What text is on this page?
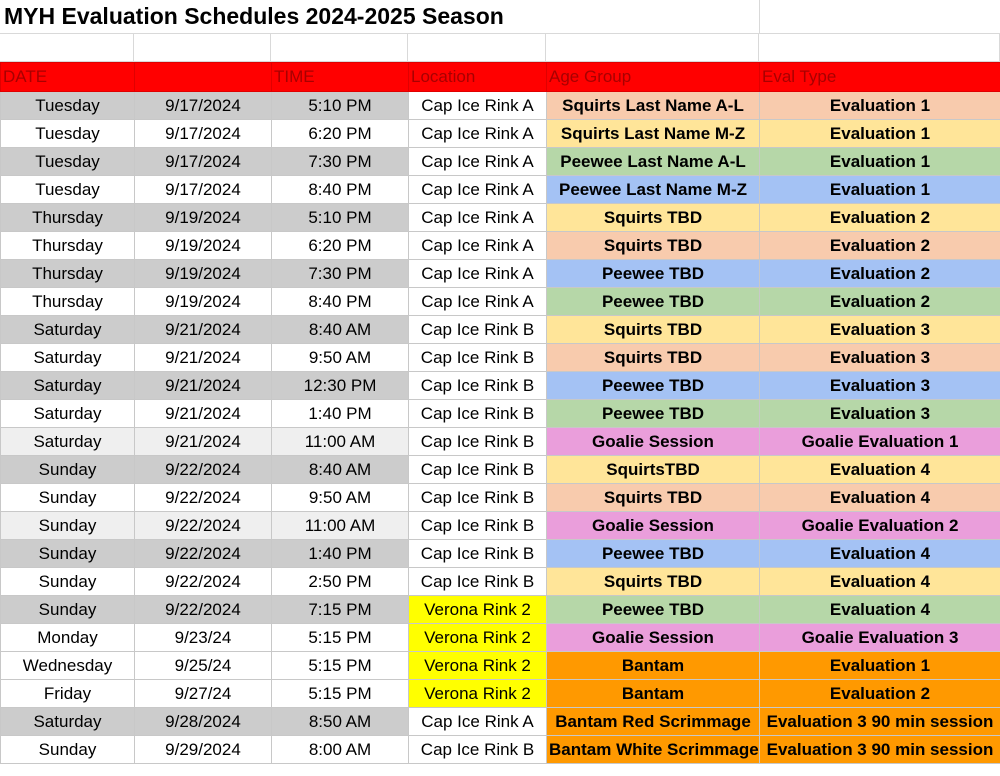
MYH Evaluation Schedules 2024-2025 Season
DATE		TIME	Location	Age Group	Eval Type
Tuesday	9/17/2024	5:10 PM	Cap Ice Rink A	Squirts Last Name A-L	Evaluation 1
Tuesday	9/17/2024	6:20 PM	Cap Ice Rink A	Squirts Last Name M-Z	Evaluation 1
Tuesday	9/17/2024	7:30 PM	Cap Ice Rink A	Peewee Last Name A-L	Evaluation 1
Tuesday	9/17/2024	8:40 PM	Cap Ice Rink A	Peewee Last Name M-Z	Evaluation 1
Thursday	9/19/2024	5:10 PM	Cap Ice Rink A	Squirts TBD	Evaluation 2
Thursday	9/19/2024	6:20 PM	Cap Ice Rink A	Squirts TBD	Evaluation 2
Thursday	9/19/2024	7:30 PM	Cap Ice Rink A	Peewee TBD	Evaluation 2
Thursday	9/19/2024	8:40 PM	Cap Ice Rink A	Peewee TBD	Evaluation 2
Saturday	9/21/2024	8:40 AM	Cap Ice Rink B	Squirts TBD	Evaluation 3
Saturday	9/21/2024	9:50 AM	Cap Ice Rink B	Squirts TBD	Evaluation 3
Saturday	9/21/2024	12:30 PM	Cap Ice Rink B	Peewee TBD	Evaluation 3
Saturday	9/21/2024	1:40 PM	Cap Ice Rink B	Peewee TBD	Evaluation 3
Saturday	9/21/2024	11:00 AM	Cap Ice Rink B	Goalie Session	Goalie Evaluation 1
Sunday	9/22/2024	8:40 AM	Cap Ice Rink B	SquirtsTBD	Evaluation 4
Sunday	9/22/2024	9:50 AM	Cap Ice Rink B	Squirts TBD	Evaluation 4
Sunday	9/22/2024	11:00 AM	Cap Ice Rink B	Goalie Session	Goalie Evaluation 2
Sunday	9/22/2024	1:40 PM	Cap Ice Rink B	Peewee TBD	Evaluation 4
Sunday	9/22/2024	2:50 PM	Cap Ice Rink B	Squirts TBD	Evaluation 4
Sunday	9/22/2024	7:15 PM	Verona Rink 2	Peewee TBD	Evaluation 4
Monday	9/23/24	5:15 PM	Verona Rink 2	Goalie Session	Goalie Evaluation 3
Wednesday	9/25/24	5:15 PM	Verona Rink 2	Bantam	Evaluation 1
Friday	9/27/24	5:15 PM	Verona Rink 2	Bantam	Evaluation 2
Saturday	9/28/2024	8:50 AM	Cap Ice Rink A	Bantam Red Scrimmage	Evaluation 3 90 min session
Sunday	9/29/2024	8:00 AM	Cap Ice Rink B	Bantam White Scrimmage	Evaluation 3 90 min session
